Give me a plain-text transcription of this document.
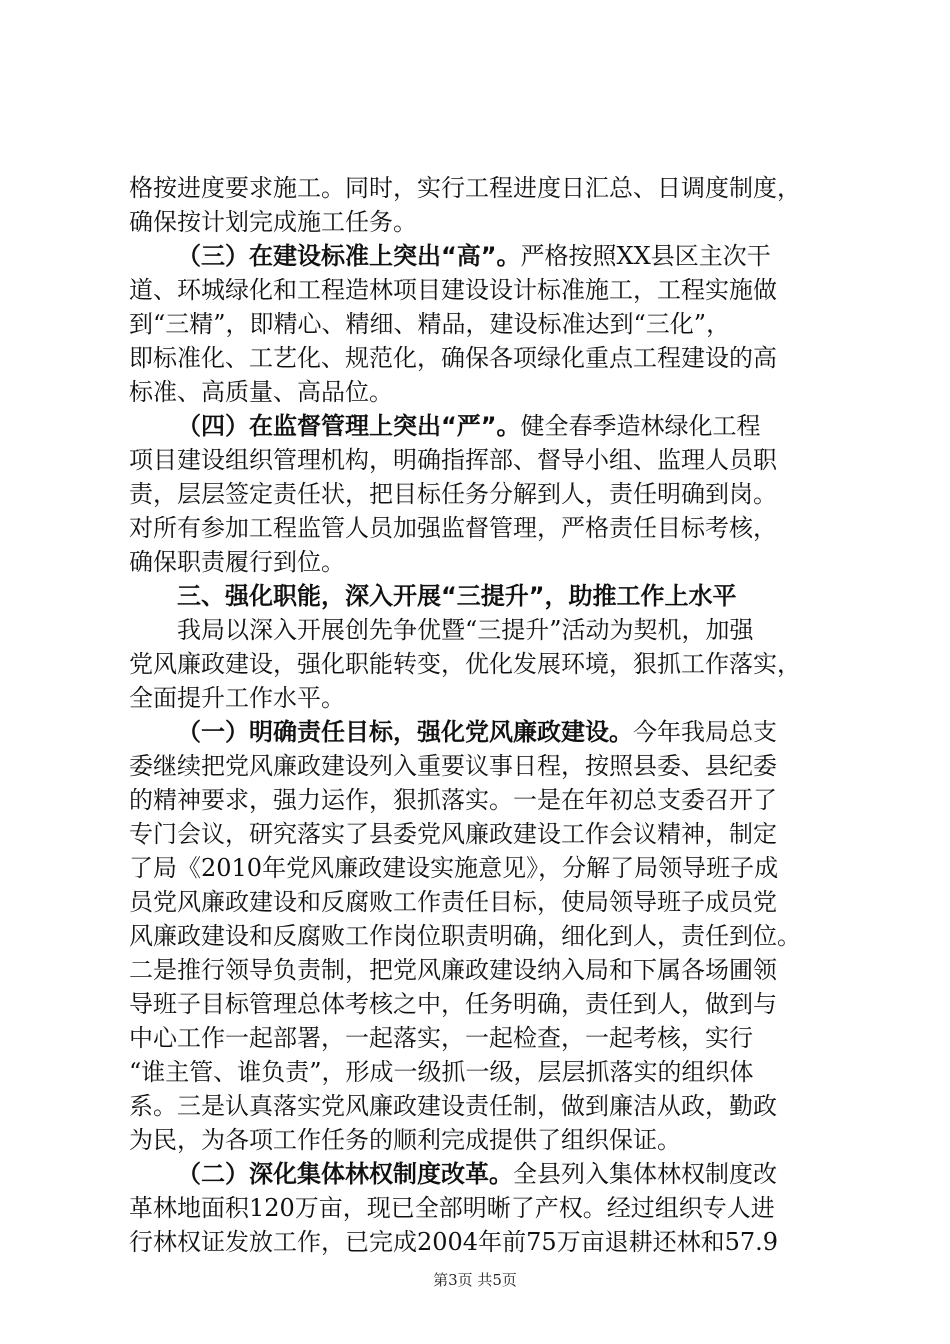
格按进度要求施工。同时，实行工程进度日汇总、日调度制度，
确保按计划完成施工任务。
（三）在建设标准上突出“高”。严格按照XX县区主次干
道、环城绿化和工程造林项目建设设计标准施工，工程实施做
到“三精”，即精心、精细、精品，建设标准达到“三化”，
即标准化、工艺化、规范化，确保各项绿化重点工程建设的高
标准、高质量、高品位。
（四）在监督管理上突出“严”。健全春季造林绿化工程
项目建设组织管理机构，明确指挥部、督导小组、监理人员职
责，层层签定责任状，把目标任务分解到人，责任明确到岗。
对所有参加工程监管人员加强监督管理，严格责任目标考核，
确保职责履行到位。
三、强化职能，深入开展“三提升”，助推工作上水平
我局以深入开展创先争优暨“三提升”活动为契机，加强
党风廉政建设，强化职能转变，优化发展环境，狠抓工作落实，
全面提升工作水平。
（一）明确责任目标，强化党风廉政建设。今年我局总支
委继续把党风廉政建设列入重要议事日程，按照县委、县纪委
的精神要求，强力运作，狠抓落实。一是在年初总支委召开了
专门会议，研究落实了县委党风廉政建设工作会议精神，制定
了局《2010年党风廉政建设实施意见》，分解了局领导班子成
员党风廉政建设和反腐败工作责任目标，使局领导班子成员党
风廉政建设和反腐败工作岗位职责明确，细化到人，责任到位。
二是推行领导负责制，把党风廉政建设纳入局和下属各场圃领
导班子目标管理总体考核之中，任务明确，责任到人，做到与
中心工作一起部署，一起落实，一起检查，一起考核，实行
“谁主管、谁负责”，形成一级抓一级，层层抓落实的组织体
系。三是认真落实党风廉政建设责任制，做到廉洁从政，勤政
为民，为各项工作任务的顺利完成提供了组织保证。
（二）深化集体林权制度改革。全县列入集体林权制度改
革林地面积120万亩，现已全部明晰了产权。经过组织专人进
行林权证发放工作，已完成2004年前75万亩退耕还林和57.9
第3页 共5页
